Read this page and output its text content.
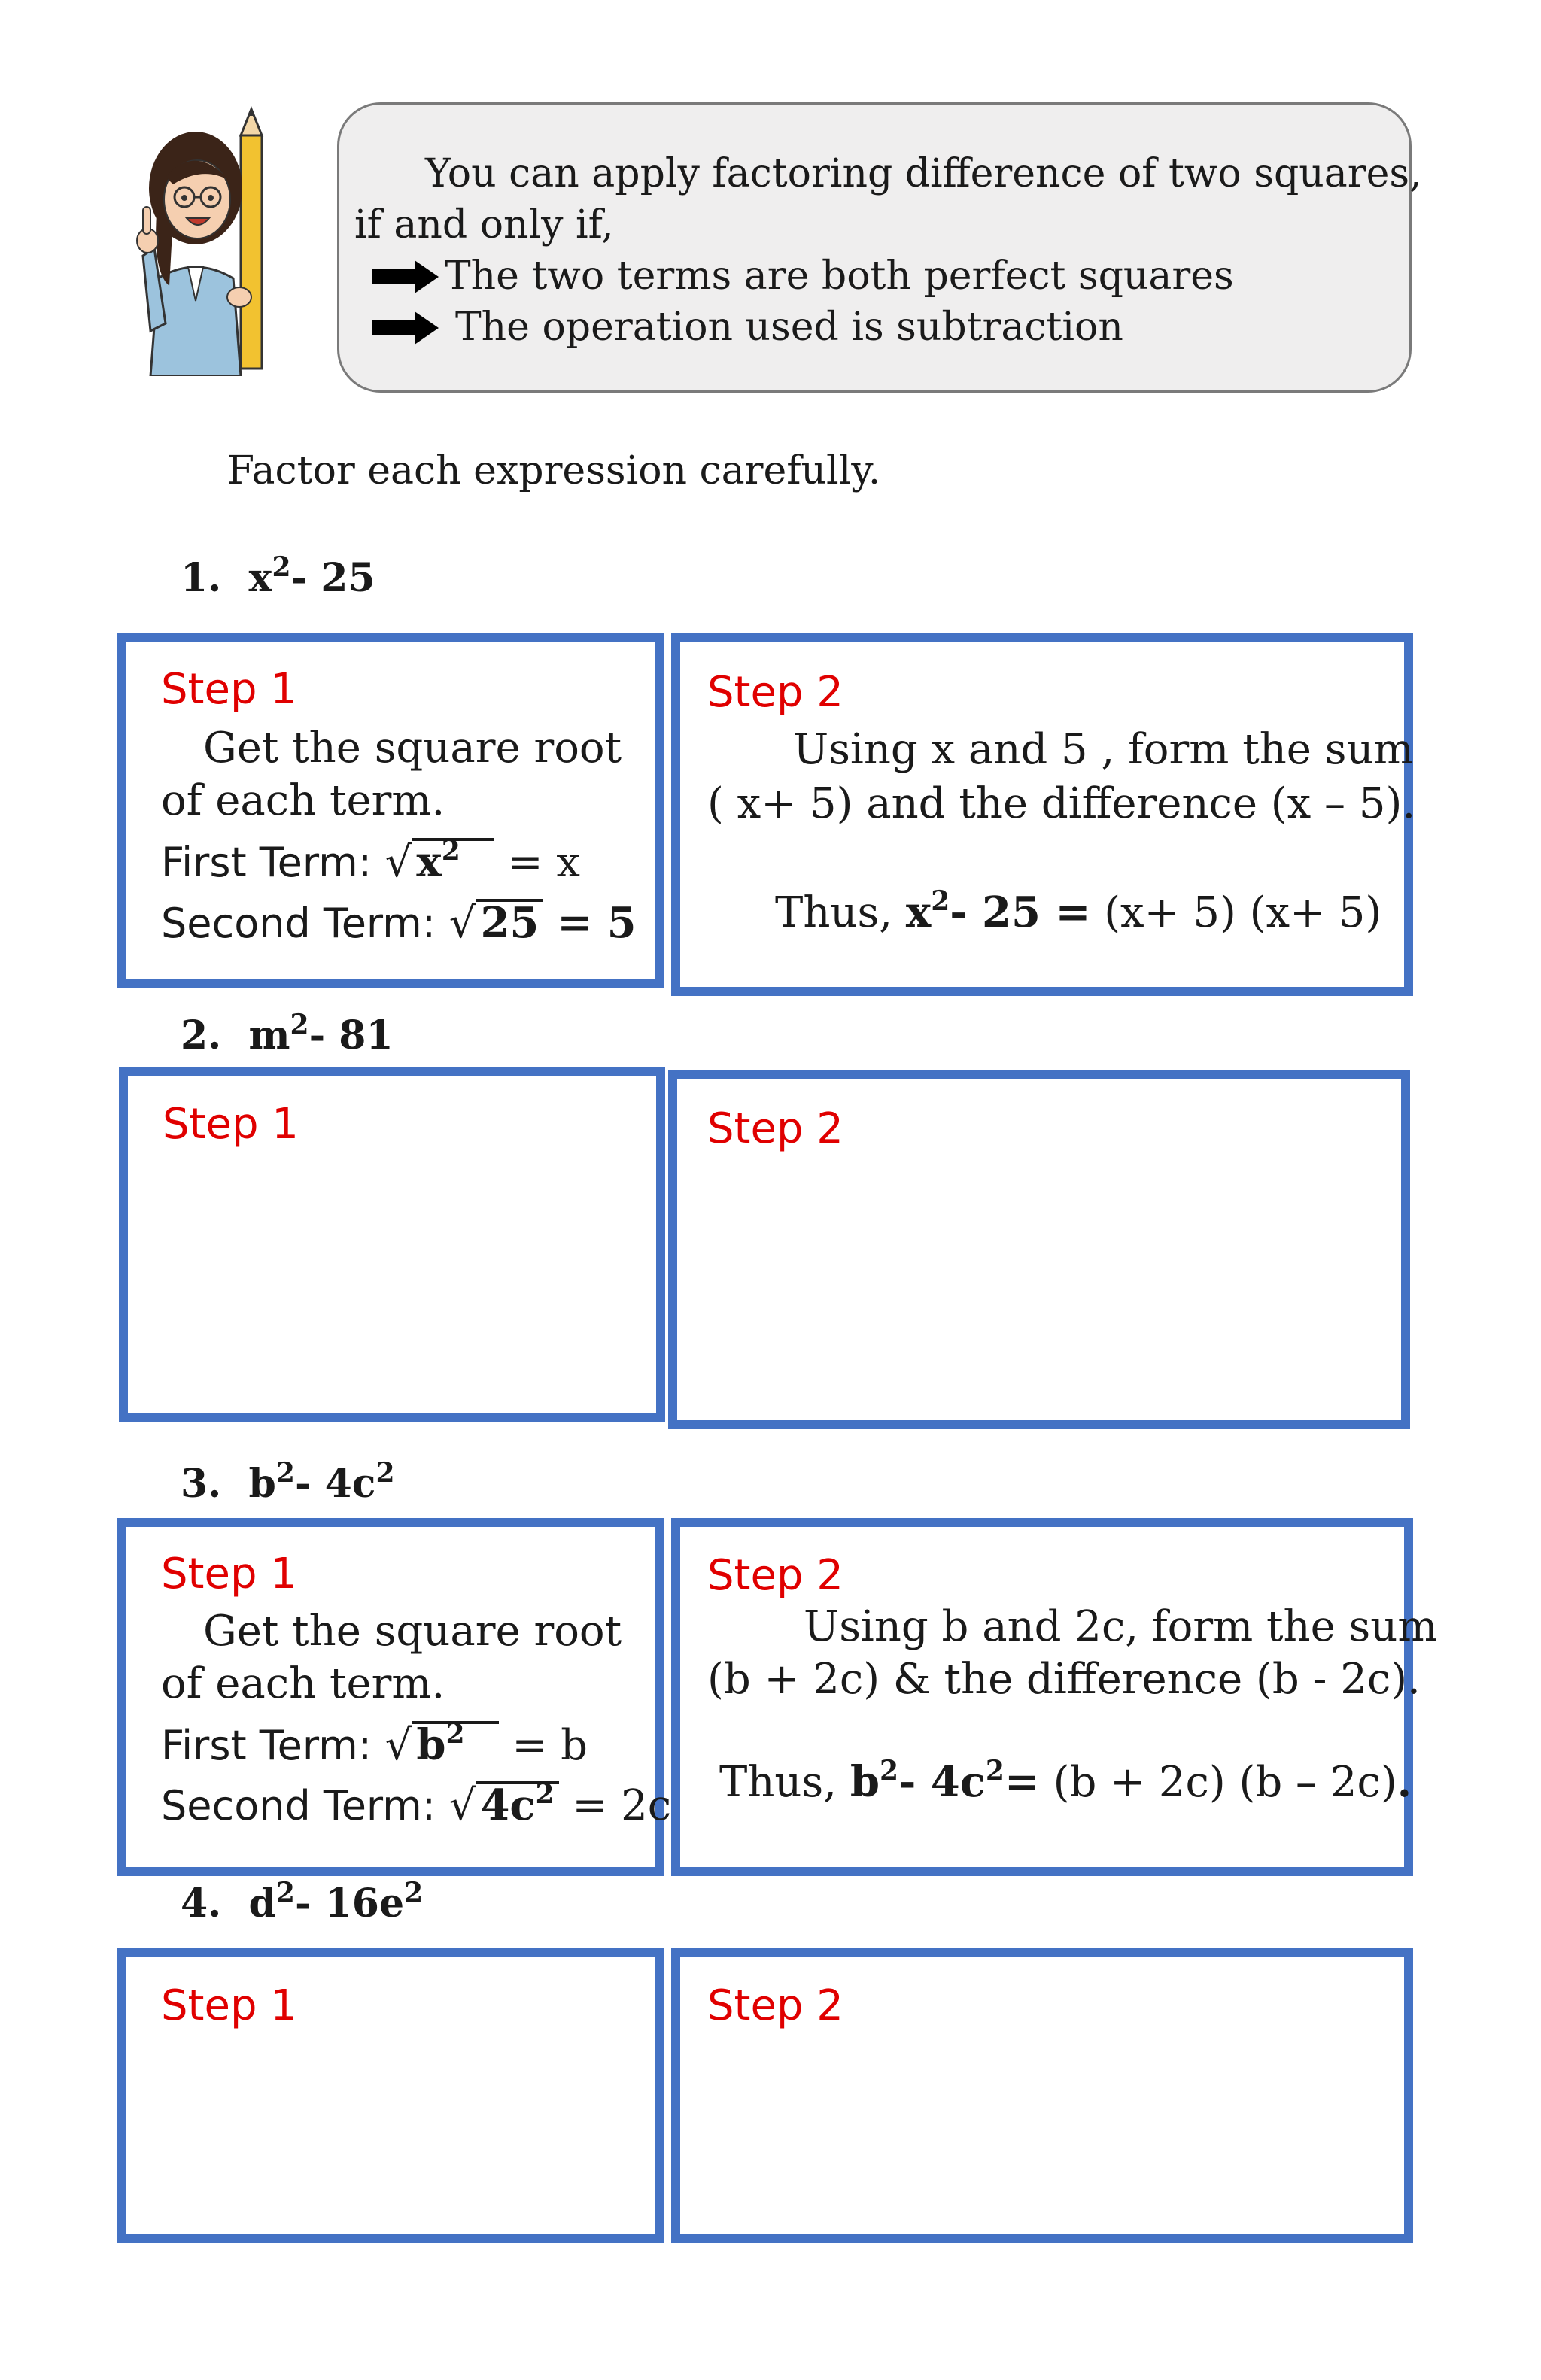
You can apply factoring difference of two squares,
if and only if,
The two terms are both perfect squares
The operation used is subtraction
Factor each expression carefully.
1. $x^2-$ 25
Step 1
Get the square root
of each term.
First Term: √ $x^2 = x$
Second Term: √ 25 = 5
Step 2
Using x and 5 , form the sum
( x+ 5) and the difference (x – 5).
Thus, $x^2-$ 25 = (x+ 5) (x+ 5)
2. $m^2-$ 81
Step 1	Step 2
3. $b^2-$ $4c^2$
Step 1
Get the square root
of each term.
First Term: √ $b^2 = b$
Second Term: √ $4c^2 = 2c$
Step 2
Using b and 2c, form the sum
(b + 2c) & the difference (b - 2c).
Thus, $b^2-$ $4c^2= (b + 2c)$ (b – 2c).
4. $d^2-$ $16e^2$
Step 1	Step 2
